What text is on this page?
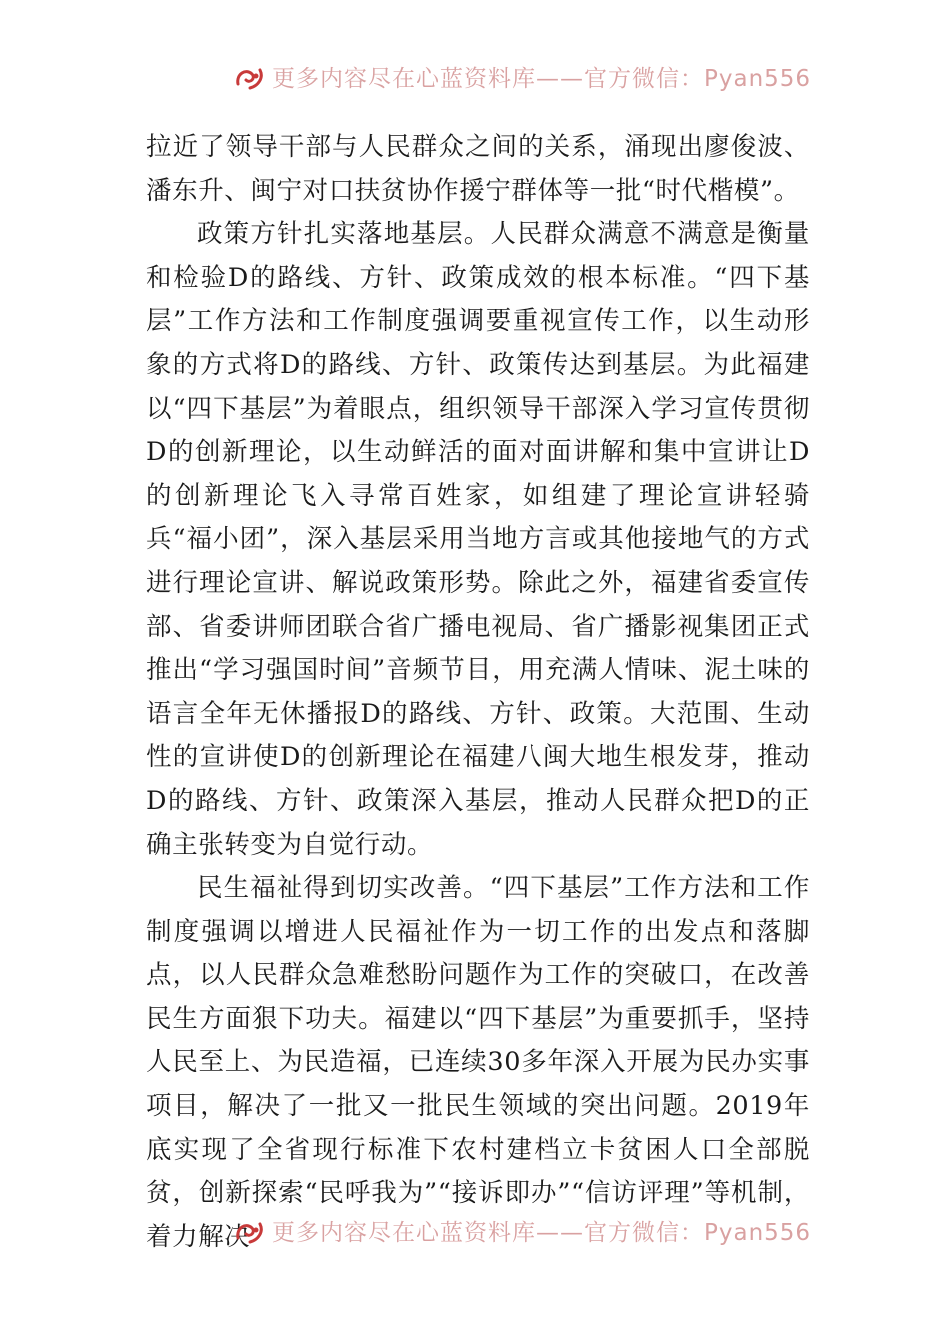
更多内容尽在心蓝资料库——官方微信：Pyan556

拉近了领导干部与人民群众之间的关系，涌现出廖俊波、潘东升、闽宁对口扶贫协作援宁群体等一批“时代楷模”。

政策方针扎实落地基层。人民群众满意不满意是衡量和检验D的路线、方针、政策成效的根本标准。“四下基层”工作方法和工作制度强调要重视宣传工作，以生动形象的方式将D的路线、方针、政策传达到基层。为此福建以“四下基层”为着眼点，组织领导干部深入学习宣传贯彻D的创新理论，以生动鲜活的面对面讲解和集中宣讲让D的创新理论飞入寻常百姓家，如组建了理论宣讲轻骑兵“福小团”，深入基层采用当地方言或其他接地气的方式进行理论宣讲、解说政策形势。除此之外，福建省委宣传部、省委讲师团联合省广播电视局、省广播影视集团正式推出“学习强国时间”音频节目，用充满人情味、泥土味的语言全年无休播报D的路线、方针、政策。大范围、生动性的宣讲使D的创新理论在福建八闽大地生根发芽，推动D的路线、方针、政策深入基层，推动人民群众把D的正确主张转变为自觉行动。

民生福祉得到切实改善。“四下基层”工作方法和工作制度强调以增进人民福祉作为一切工作的出发点和落脚点，以人民群众急难愁盼问题作为工作的突破口，在改善民生方面狠下功夫。福建以“四下基层”为重要抓手，坚持人民至上、为民造福，已连续30多年深入开展为民办实事项目，解决了一批又一批民生领域的突出问题。2019年底实现了全省现行标准下农村建档立卡贫困人口全部脱贫，创新探索“民呼我为”“接诉即办”“信访评理”等机制，着力解决 更多内容尽在心蓝资料库——官方微信：Pyan556
